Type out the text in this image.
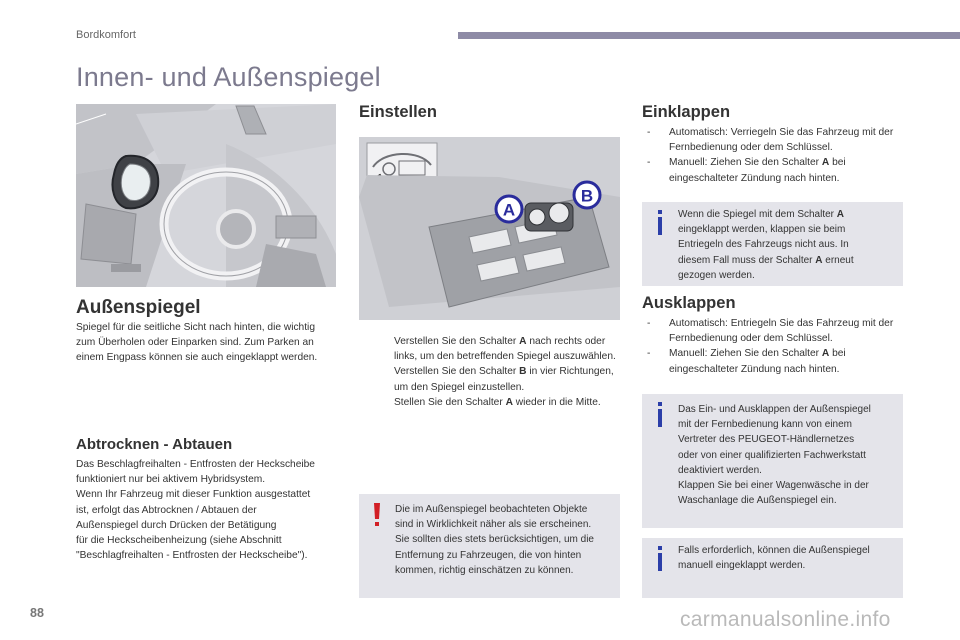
Bordkomfort
Innen- und Außenspiegel
Außenspiegel
Spiegel für die seitliche Sicht nach hinten, die wichtig
zum Überholen oder Einparken sind. Zum Parken an
einem Engpass können sie auch eingeklappt werden.
Abtrocknen - Abtauen
Das Beschlagfreihalten - Entfrosten der Heckscheibe
funktioniert nur bei aktivem Hybridsystem.
Wenn Ihr Fahrzeug mit dieser Funktion ausgestattet
ist, erfolgt das Abtrocknen / Abtauen der
Außenspiegel durch Drücken der Betätigung
für die Heckscheibenheizung (siehe Abschnitt
"Beschlagfreihalten - Entfrosten der Heckscheibe").
Einstellen
A
B
Verstellen Sie den Schalter A nach rechts oder
links, um den betreffenden Spiegel auszuwählen.
Verstellen Sie den Schalter B in vier Richtungen,
um den Spiegel einzustellen.
Stellen Sie den Schalter A wieder in die Mitte.
Die im Außenspiegel beobachteten Objekte
sind in Wirklichkeit näher als sie erscheinen.
Sie sollten dies stets berücksichtigen, um die
Entfernung zu Fahrzeugen, die von hinten
kommen, richtig einschätzen zu können.
Einklappen
- Automatisch: Verriegeln Sie das Fahrzeug mit der
Fernbedienung oder dem Schlüssel.
- Manuell: Ziehen Sie den Schalter A bei
eingeschalteter Zündung nach hinten.
Wenn die Spiegel mit dem Schalter A
eingeklappt werden, klappen sie beim
Entriegeln des Fahrzeugs nicht aus. In
diesem Fall muss der Schalter A erneut
gezogen werden.
Ausklappen
- Automatisch: Entriegeln Sie das Fahrzeug mit der
Fernbedienung oder dem Schlüssel.
- Manuell: Ziehen Sie den Schalter A bei
eingeschalteter Zündung nach hinten.
Das Ein- und Ausklappen der Außenspiegel
mit der Fernbedienung kann von einem
Vertreter des PEUGEOT-Händlernetzes
oder von einer qualifizierten Fachwerkstatt
deaktiviert werden.
Klappen Sie bei einer Wagenwäsche in der
Waschanlage die Außenspiegel ein.
Falls erforderlich, können die Außenspiegel
manuell eingeklappt werden.
88	carmanualsonline.info
